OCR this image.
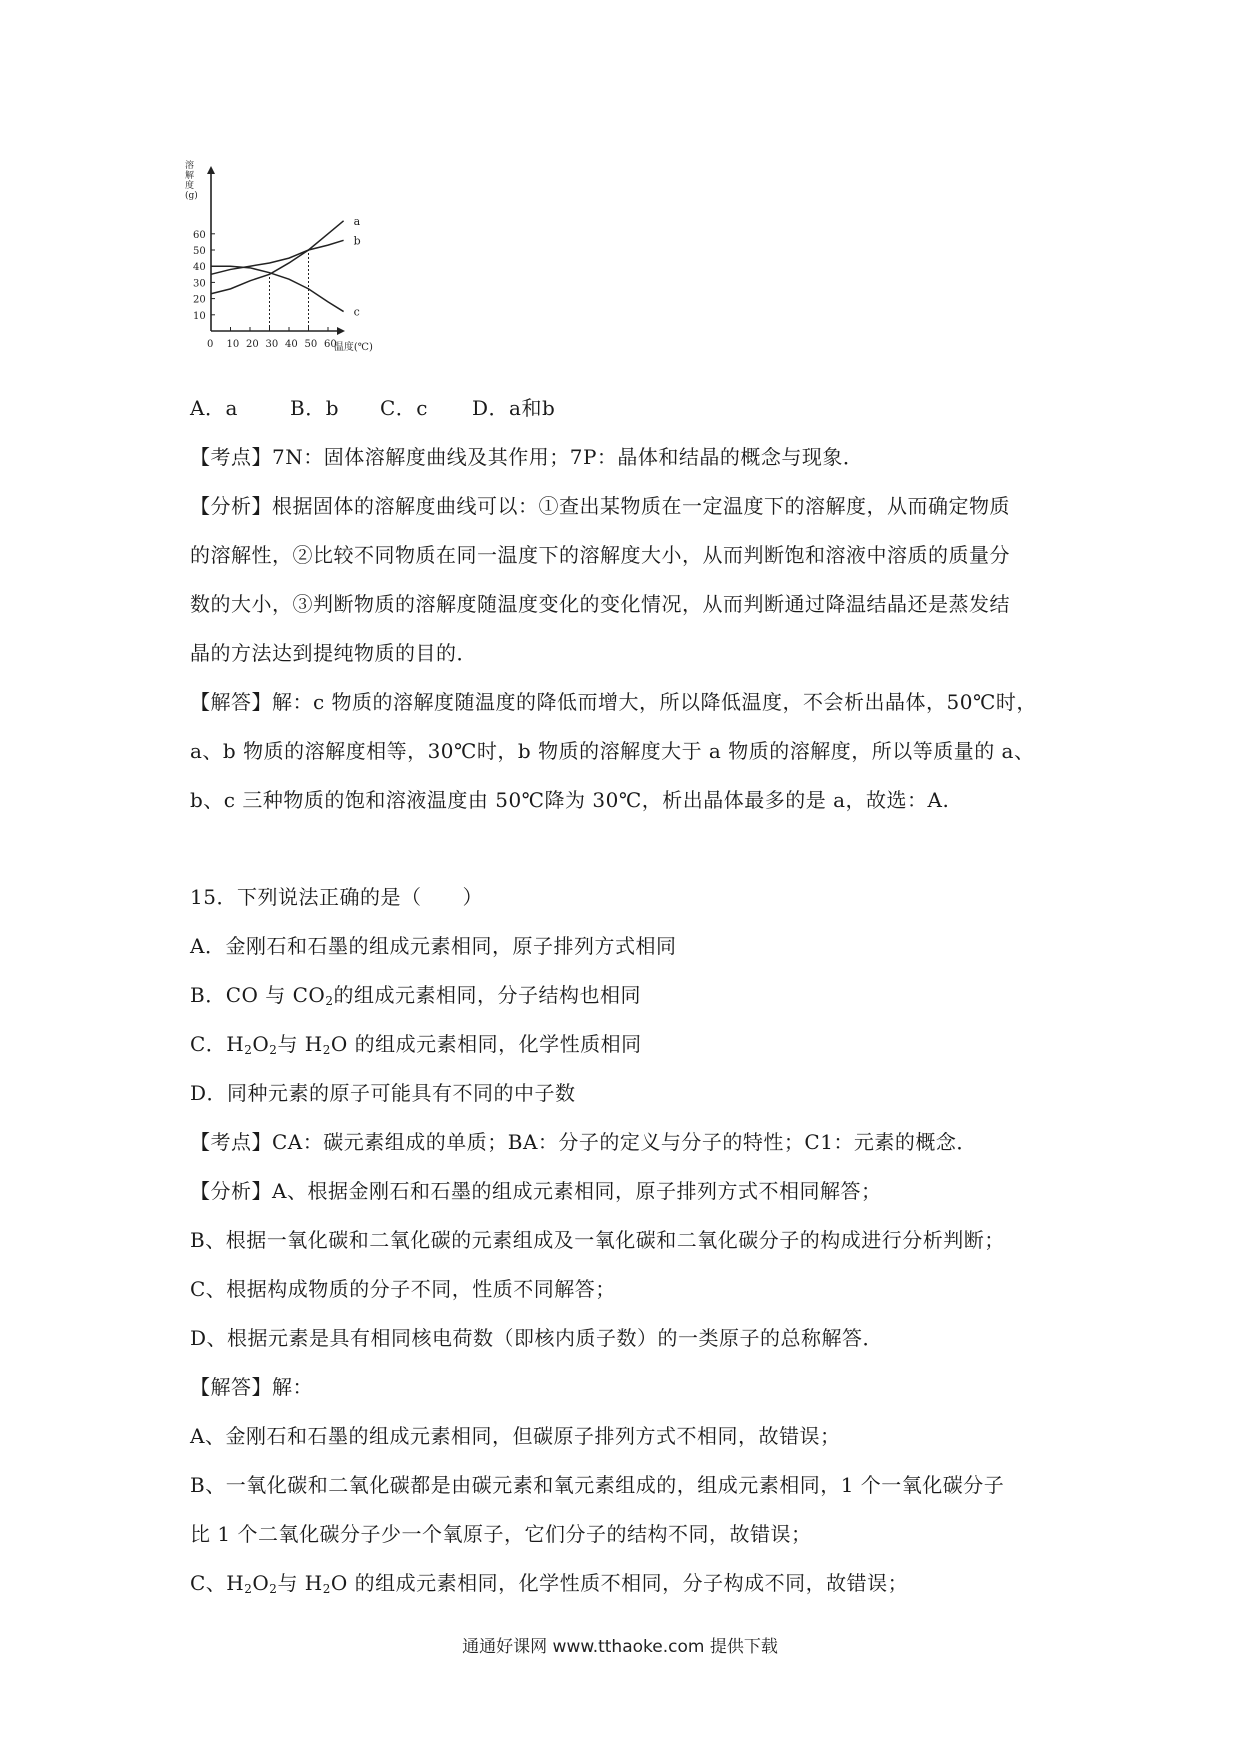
溶
解
度
(g)
0 10 20 30 40 50 60
温度(℃)
10
20
30
40
50
60
a
b
c
A．a	B．b C．c D．a和b
【考点】7N：固体溶解度曲线及其作用；7P：晶体和结晶的概念与现象．
【分析】根据固体的溶解度曲线可以：①查出某物质在一定温度下的溶解度，从而确定物质
的溶解性，②比较不同物质在同一温度下的溶解度大小，从而判断饱和溶液中溶质的质量分
数的大小，③判断物质的溶解度随温度变化的变化情况，从而判断通过降温结晶还是蒸发结
晶的方法达到提纯物质的目的．
【解答】解：c 物质的溶解度随温度的降低而增大，所以降低温度，不会析出晶体，50℃时，
a、b 物质的溶解度相等，30℃时，b 物质的溶解度大于 a 物质的溶解度，所以等质量的 a、
b、c 三种物质的饱和溶液温度由 50℃降为 30℃，析出晶体最多的是 a，故选：A.
15．下列说法正确的是（　　）
A．金刚石和石墨的组成元素相同，原子排列方式相同
B．CO 与 $CO_2$的组成元素相同，分子结构也相同
C．$H_2O_2$与 $H_2O$ 的组成元素相同，化学性质相同
D．同种元素的原子可能具有不同的中子数
【考点】CA：碳元素组成的单质；BA：分子的定义与分子的特性；C1：元素的概念．
【分析】A、根据金刚石和石墨的组成元素相同，原子排列方式不相同解答；
B、根据一氧化碳和二氧化碳的元素组成及一氧化碳和二氧化碳分子的构成进行分析判断；
C、根据构成物质的分子不同，性质不同解答；
D、根据元素是具有相同核电荷数（即核内质子数）的一类原子的总称解答．
【解答】解：
A、金刚石和石墨的组成元素相同，但碳原子排列方式不相同，故错误；
B、一氧化碳和二氧化碳都是由碳元素和氧元素组成的，组成元素相同，1 个一氧化碳分子
比 1 个二氧化碳分子少一个氧原子，它们分子的结构不同，故错误；
C、$H_2O_2$与 $H_2O$ 的组成元素相同，化学性质不相同，分子构成不同，故错误；
通通好课网 www.tthaoke.com 提供下载
